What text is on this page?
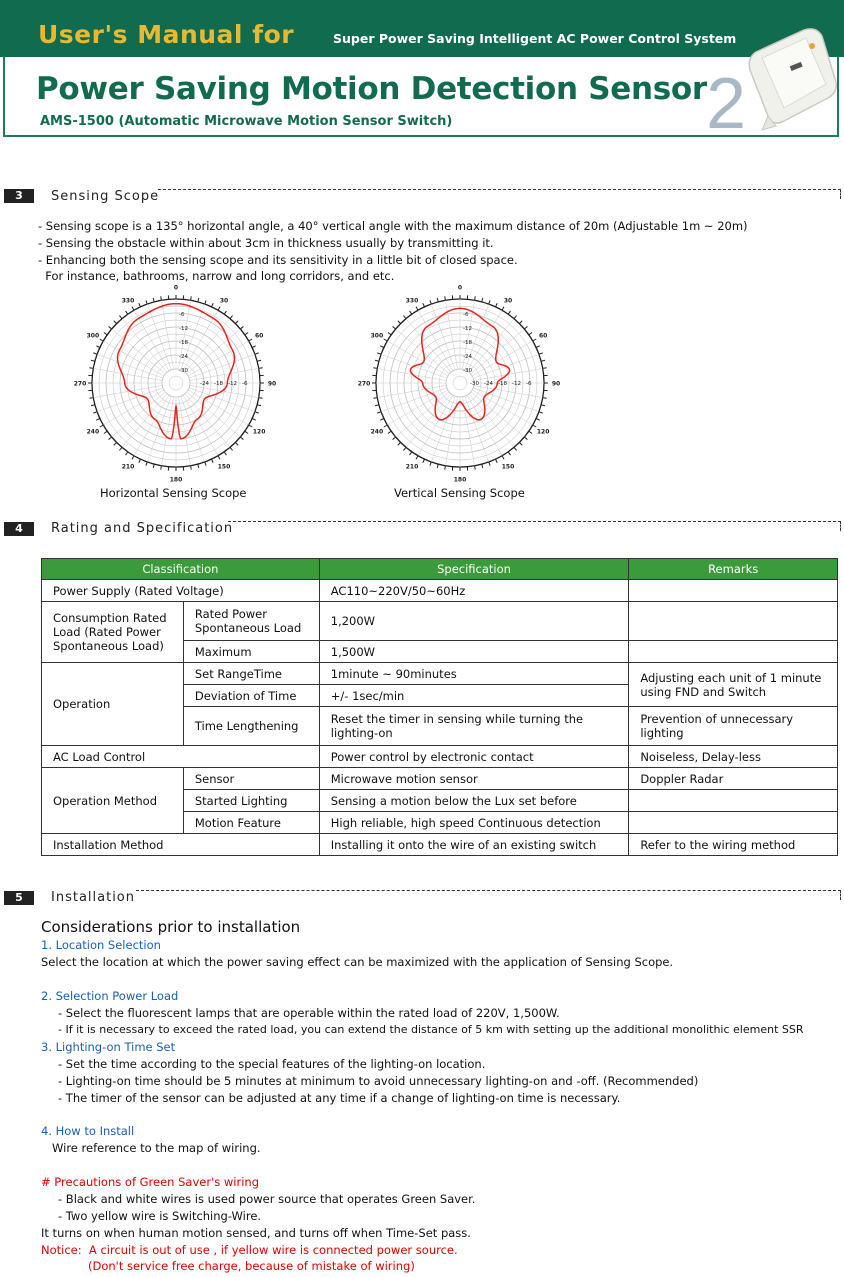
User's Manual for	Super Power Saving Intelligent AC Power Control System
Power Saving Motion Detection Sensor
AMS-1500 (Automatic Microwave Motion Sensor Switch)	2
3	Sensing Scope
- Sensing scope is a 135° horizontal angle, a 40° vertical angle with the maximum distance of 20m (Adjustable 1m ~ 20m)
- Sensing the obstacle within about 3cm in thickness usually by transmitting it.
- Enhancing both the sensing scope and its sensitivity in a little bit of closed space.
For instance, bathrooms, narrow and long corridors, and etc.
0
30
60
90
120
150
180
210
240
270
300
330
-6
-12
-18
-24
-30
-24 -18 -12 -6
0
30
60
90
120
150
180
210
240
270
300
330
-6
-12
-18
-24
-30
-30 -24 -18 -12 -6
Horizontal Sensing Scope	Vertical Sensing Scope
4	Rating and Specification
Classification		Specification	Remarks
Power Supply (Rated Voltage)		AC110~220V/50~60Hz	
Consumption Rated Load (Rated Power Spontaneous Load)	Rated Power Spontaneous Load	1,200W	
	Maximum	1,500W	
Operation	Set RangeTime	1minute ~ 90minutes	Adjusting each unit of 1 minute using FND and Switch
	Deviation of Time	+/- 1sec/min	
	Time Lengthening	Reset the timer in sensing while turning the lighting-on	Prevention of unnecessary lighting
AC Load Control		Power control by electronic contact	Noiseless, Delay-less
Operation Method	Sensor	Microwave motion sensor	Doppler Radar
	Started Lighting	Sensing a motion below the Lux set before	
	Motion Feature	High reliable, high speed Continuous detection	
Installation Method		Installing it onto the wire of an existing switch	Refer to the wiring method
5	Installation
Considerations prior to installation
1. Location Selection
Select the location at which the power saving effect can be maximized with the application of Sensing Scope.
2. Selection Power Load
- Select the fluorescent lamps that are operable within the rated load of 220V, 1,500W.
- If it is necessary to exceed the rated load, you can extend the distance of 5 km with setting up the additional monolithic element SSR
3. Lighting-on Time Set
- Set the time according to the special features of the lighting-on location.
- Lighting-on time should be 5 minutes at minimum to avoid unnecessary lighting-on and -off. (Recommended)
- The timer of the sensor can be adjusted at any time if a change of lighting-on time is necessary.
4. How to Install
Wire reference to the map of wiring.
# Precautions of Green Saver's wiring
- Black and white wires is used power source that operates Green Saver.
- Two yellow wire is Switching-Wire.
It turns on when human motion sensed, and turns off when Time-Set pass.
Notice:  A circuit is out of use , if yellow wire is connected power source.
(Don't service free charge, because of mistake of wiring)
